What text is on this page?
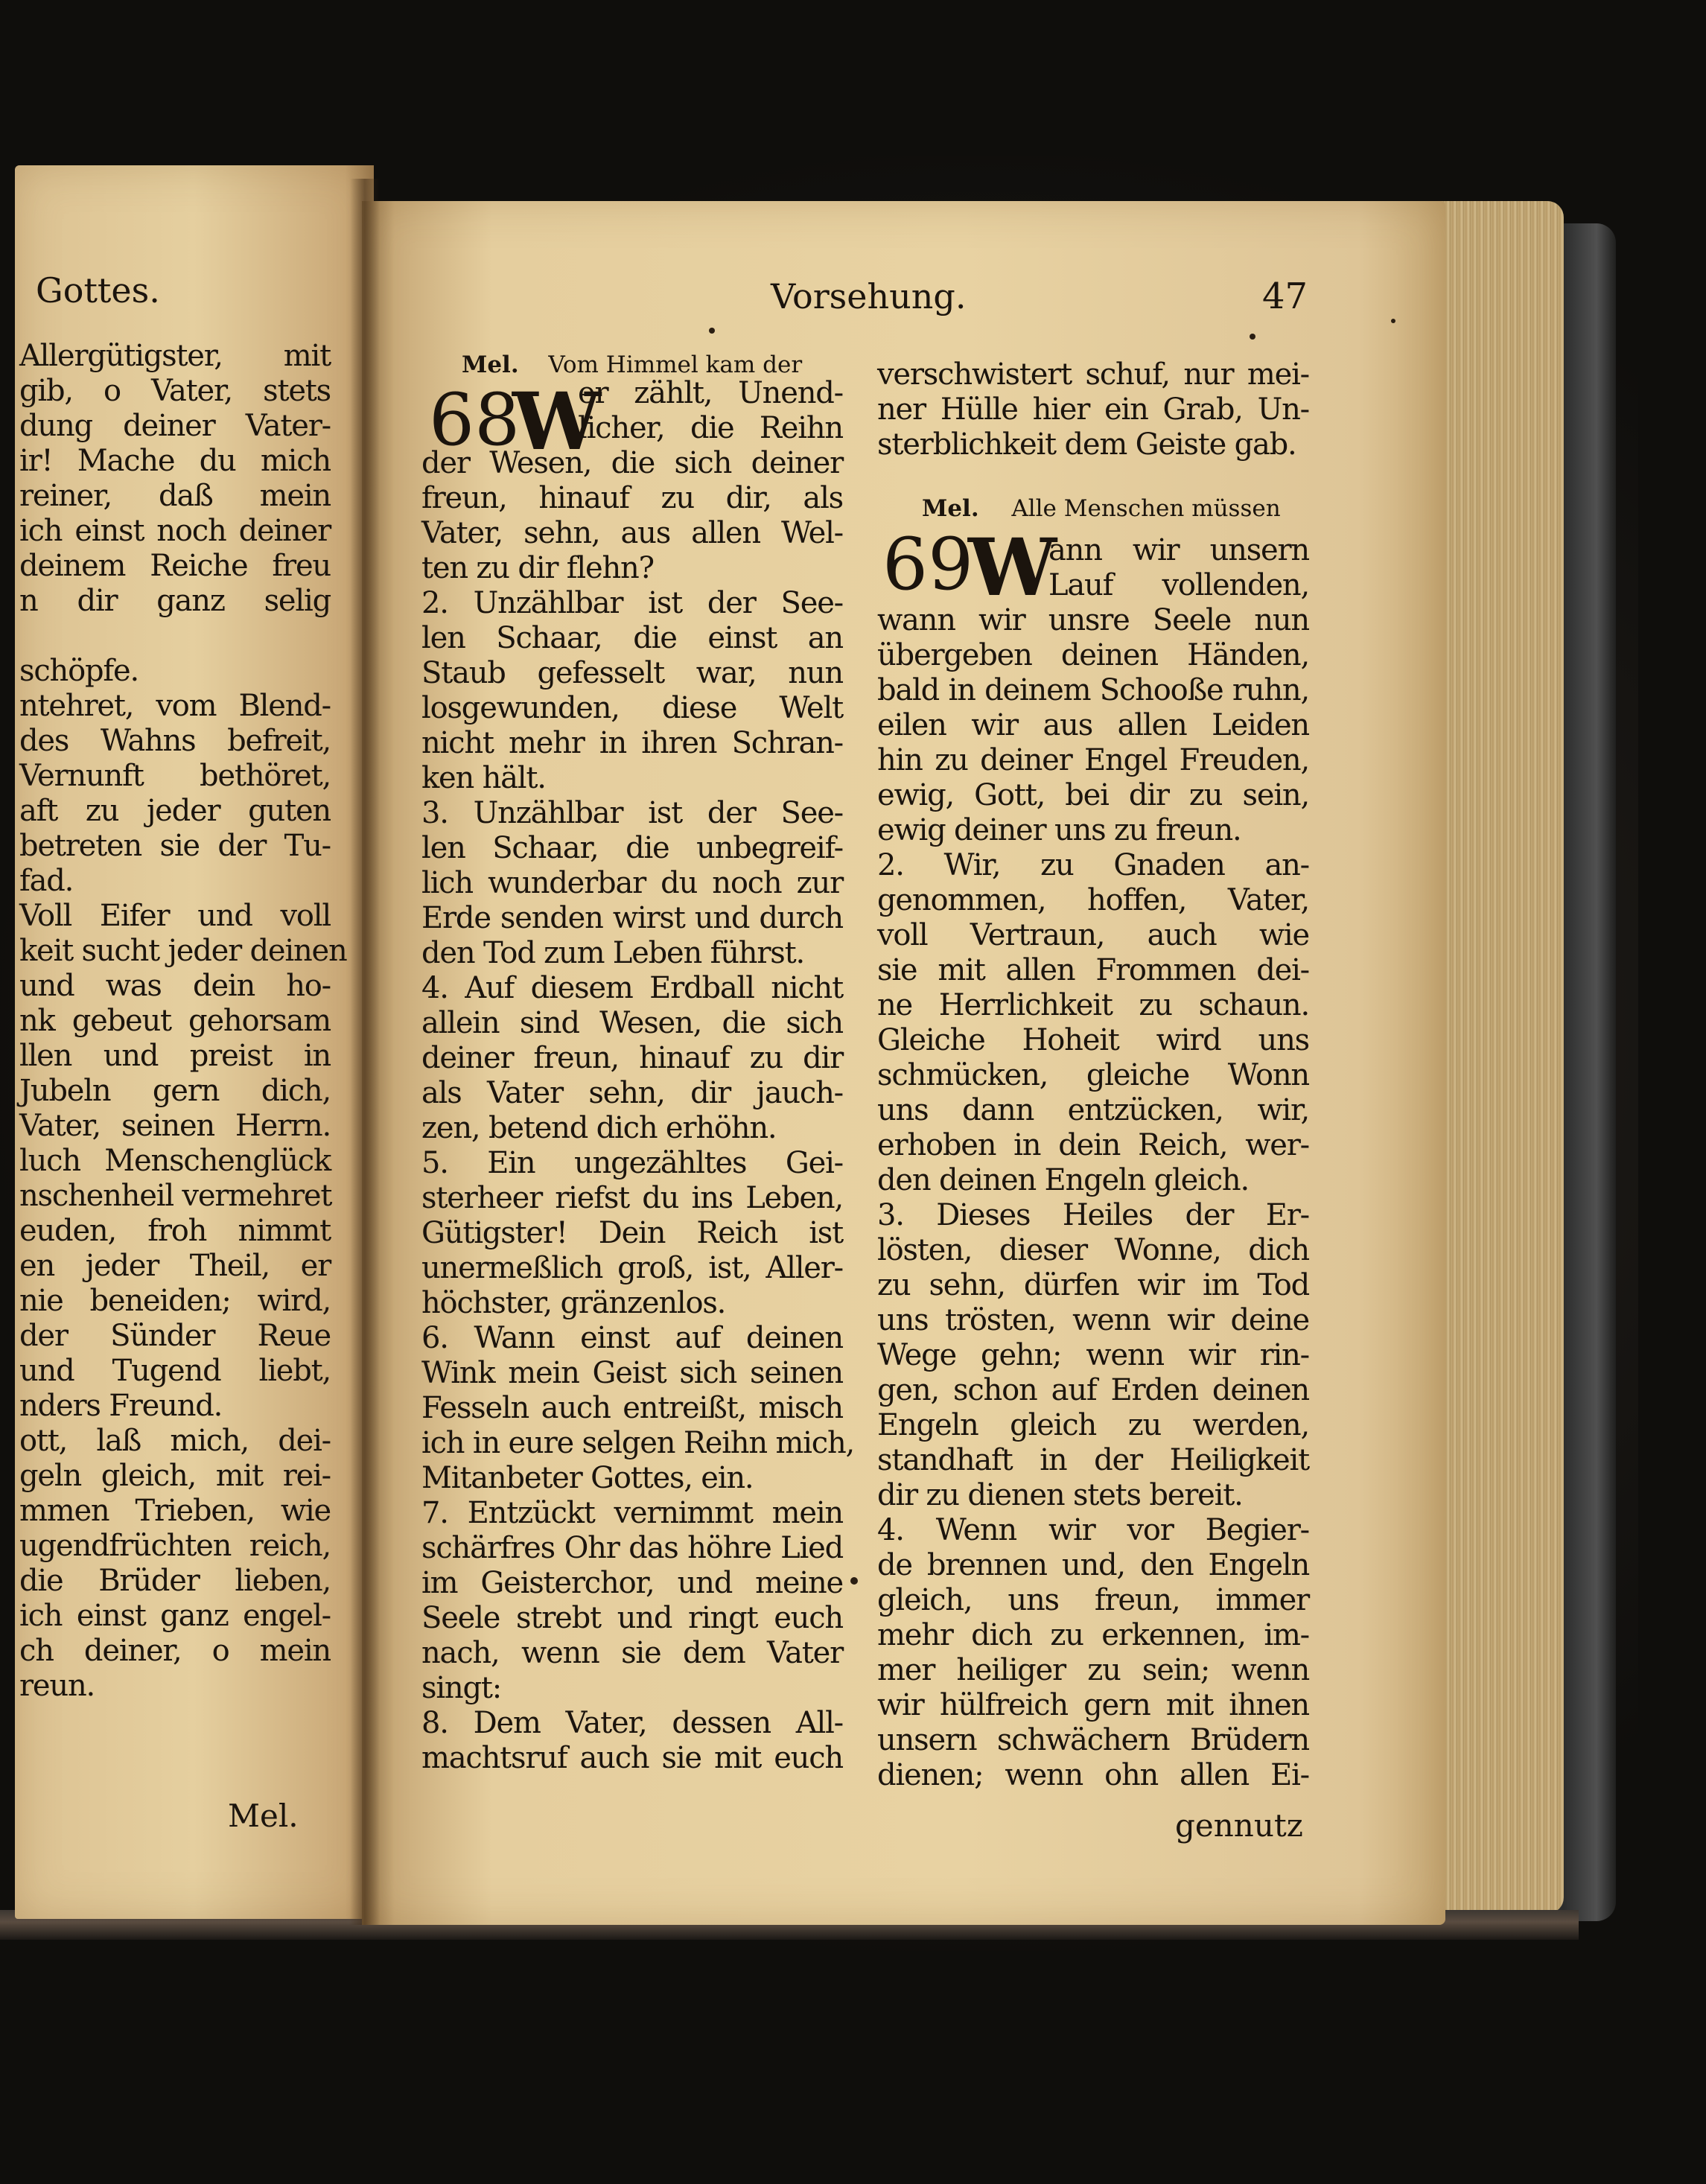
Gottes.
Allergütigster, mit
gib, o Vater, stets
dung deiner Vater-
ir! Mache du mich
reiner, daß mein
ich einst noch deiner
deinem Reiche freu
n dir ganz selig
schöpfe.
ntehret, vom Blend-
des Wahns befreit,
Vernunft bethöret,
aft zu jeder guten
betreten sie der Tu-
fad.
Voll Eifer und voll
keit sucht jeder deinen
und was dein ho-
nk gebeut gehorsam
llen und preist in
Jubeln gern dich,
Vater, seinen Herrn.
luch Menschenglück
nschenheil vermehret
euden, froh nimmt
en jeder Theil, er
nie beneiden; wird,
der Sünder Reue
und Tugend liebt,
nders Freund.
ott, laß mich, dei-
geln gleich, mit rei-
mmen Trieben, wie
ugendfrüchten reich,
die Brüder lieben,
ich einst ganz engel-
ch deiner, o mein
reun.
Mel.
Vorsehung.	47
Mel. Vom Himmel kam der
68
W
er zählt, Unend-
licher, die Reihn
der Wesen, die sich deiner
freun, hinauf zu dir, als
Vater, sehn, aus allen Wel-
ten zu dir flehn?
2. Unzählbar ist der See-
len Schaar, die einst an
Staub gefesselt war, nun
losgewunden, diese Welt
nicht mehr in ihren Schran-
ken hält.
3. Unzählbar ist der See-
len Schaar, die unbegreif-
lich wunderbar du noch zur
Erde senden wirst und durch
den Tod zum Leben führst.
4. Auf diesem Erdball nicht
allein sind Wesen, die sich
deiner freun, hinauf zu dir
als Vater sehn, dir jauch-
zen, betend dich erhöhn.
5. Ein ungezähltes Gei-
sterheer riefst du ins Leben,
Gütigster! Dein Reich ist
unermeßlich groß, ist, Aller-
höchster, gränzenlos.
6. Wann einst auf deinen
Wink mein Geist sich seinen
Fesseln auch entreißt, misch
ich in eure selgen Reihn mich,
Mitanbeter Gottes, ein.
7. Entzückt vernimmt mein
schärfres Ohr das höhre Lied
im Geisterchor, und meine
Seele strebt und ringt euch
nach, wenn sie dem Vater
singt:
8. Dem Vater, dessen All-
machtsruf auch sie mit euch
verschwistert schuf, nur mei-
ner Hülle hier ein Grab, Un-
sterblichkeit dem Geiste gab.
Mel. Alle Menschen müssen
69
W
ann wir unsern
Lauf vollenden,
wann wir unsre Seele nun
übergeben deinen Händen,
bald in deinem Schooße ruhn,
eilen wir aus allen Leiden
hin zu deiner Engel Freuden,
ewig, Gott, bei dir zu sein,
ewig deiner uns zu freun.
2. Wir, zu Gnaden an-
genommen, hoffen, Vater,
voll Vertraun, auch wie
sie mit allen Frommen dei-
ne Herrlichkeit zu schaun.
Gleiche Hoheit wird uns
schmücken, gleiche Wonn
uns dann entzücken, wir,
erhoben in dein Reich, wer-
den deinen Engeln gleich.
3. Dieses Heiles der Er-
lösten, dieser Wonne, dich
zu sehn, dürfen wir im Tod
uns trösten, wenn wir deine
Wege gehn; wenn wir rin-
gen, schon auf Erden deinen
Engeln gleich zu werden,
standhaft in der Heiligkeit
dir zu dienen stets bereit.
4. Wenn wir vor Begier-
de brennen und, den Engeln
gleich, uns freun, immer
mehr dich zu erkennen, im-
mer heiliger zu sein; wenn
wir hülfreich gern mit ihnen
unsern schwächern Brüdern
dienen; wenn ohn allen Ei-
gennutz
